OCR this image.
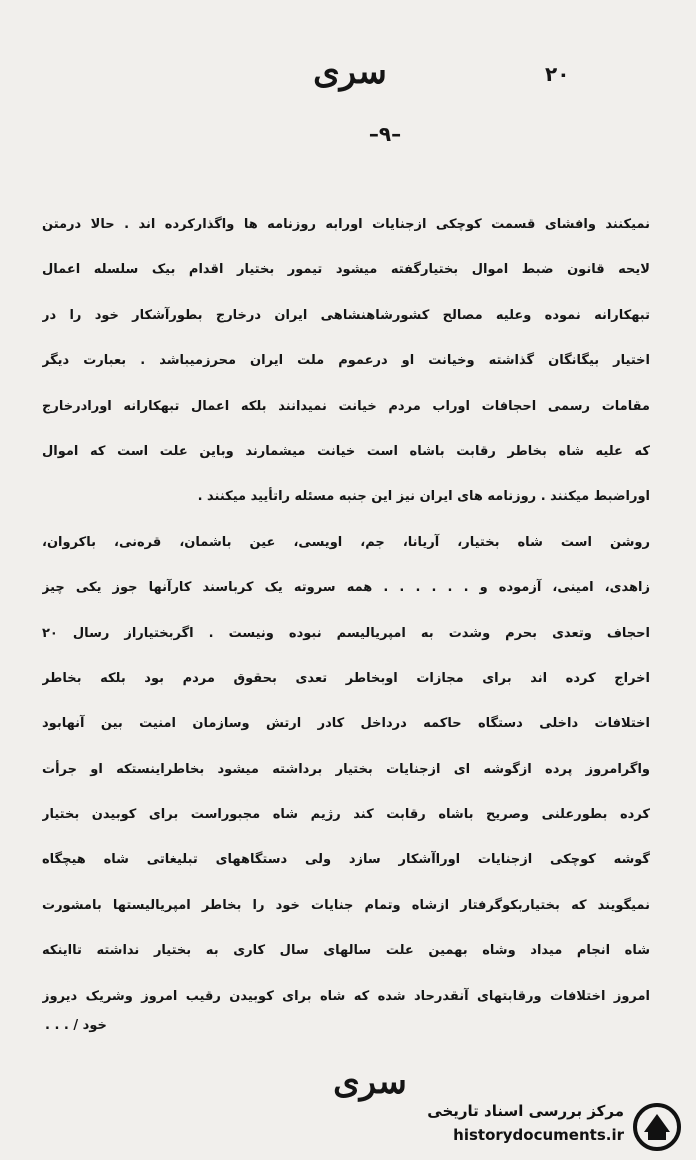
۲۰
سری
–۹–
نمیکنند وافشای قسمت کوچکی ازجنایات اورابه روزنامه ها واگذارکرده اند . حالا درمتن
لایحه قانون ضبط اموال بختیارگفته میشود تیمور بختیار اقدام بیک سلسله اعمال
تبهکارانه نموده وعلیه مصالح کشورشاهنشاهی ایران درخارج بطورآشکار خود را در
اختیار بیگانگان گذاشته وخیانت او درعموم ملت ایران محرزمیباشد . بعبارت دیگر
مقامات رسمی احجافات اوراب مردم خیانت نمیدانند بلکه اعمال تبهکارانه اورادرخارج
که علیه شاه بخاطر رقابت باشاه است خیانت میشمارند وباین علت است که اموال
اوراضبط میکنند . روزنامه های ایران نیز این جنبه مسئله راتأیید میکنند .
روشن است شاه بختیار، آریانا، جم، اویسی، عین باشمان، قره‌نی، باکروان،
زاهدی، امینی، آزموده و . . . . . . همه سروته یک کرباسند کارآنها جوز یکی چیز
احجاف وتعدی بحرم وشدت به امپریالیسم نبوده ونیست . اگربختیاراز رسال ۲۰
اخراج کرده اند برای مجازات اوبخاطر تعدی بحقوق مردم بود بلکه بخاطر
اختلافات داخلی دستگاه حاکمه درداخل کادر ارتش وسازمان امنیت بین آنهابود
واگرامروز پرده ازگوشه ای ازجنایات بختیار برداشته میشود بخاطراینستکه او جرأت
کرده بطورعلنی وصریح باشاه رقابت کند رژیم شاه مجبوراست برای کوبیدن بختیار
گوشه کوچکی ازجنایات اوراآشکار سازد ولی دستگاههای تبلیغاتی شاه هیچگاه
نمیگویند که بختیاربکوگرفتار ازشاه وتمام جنایات خود را بخاطر امپریالیستها بامشورت
شاه انجام میداد وشاه بهمین علت سالهای سال کاری به بختیار نداشته تااینکه
امروز اختلافات ورقابتهای آنقدرحاد شده که شاه برای کوبیدن رقیب امروز وشریک دیروز
خود / . . .
سری
مرکز بررسی اسناد تاریخی
historydocuments.ir
